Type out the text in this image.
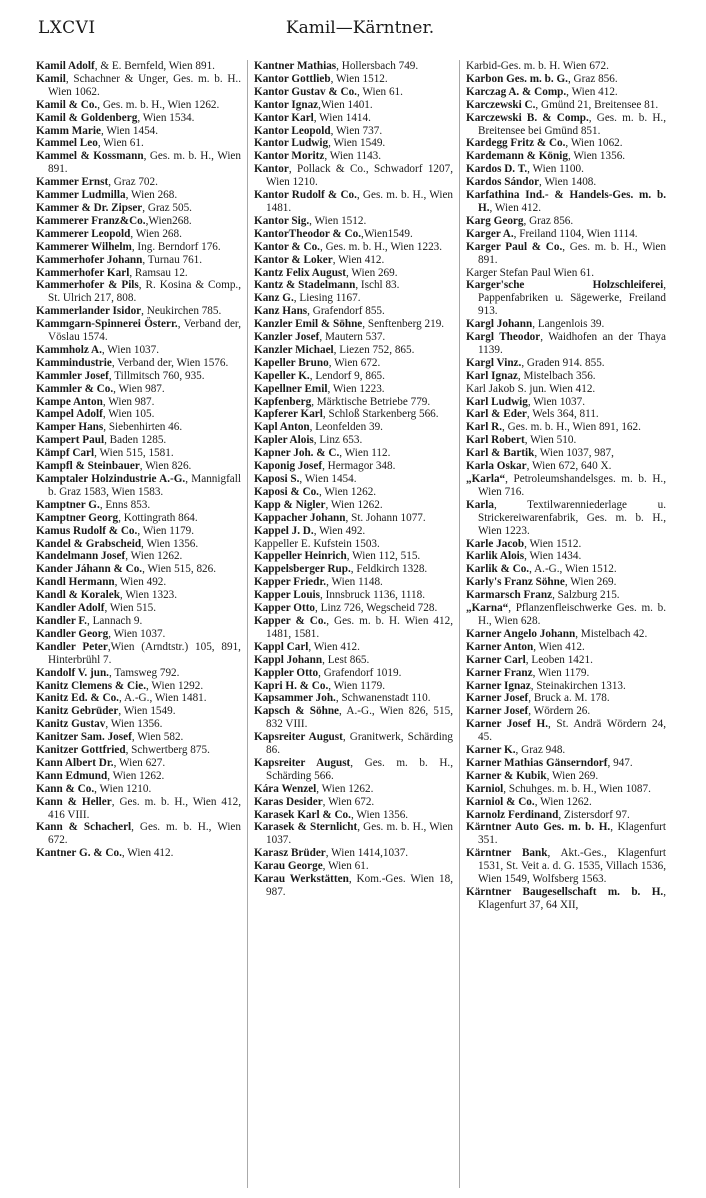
LXCVI	Kamil—Kärntner.

Kamil Adolf, & E. Bernfeld, Wien 891.

Kamil, Schachner & Unger, Ges. m. b. H.. Wien 1062.

Kamil & Co., Ges. m. b. H., Wien 1262.

Kamil & Goldenberg, Wien 1534.

Kamm Marie, Wien 1454.

Kammel Leo, Wien 61.

Kammel & Kossmann, Ges. m. b. H., Wien 891.

Kammer Ernst, Graz 702.

Kammer Ludmilla, Wien 268.

Kammer & Dr. Zipser, Graz 505.

Kammerer Franz&Co.,Wien268.

Kammerer Leopold, Wien 268.

Kammerer Wilhelm, Ing. Berndorf 176.

Kammerhofer Johann, Turnau 761.

Kammerhofer Karl, Ramsau 12.

Kammerhofer & Pils, R. Kosina & Comp., St. Ulrich 217, 808.

Kammerlander Isidor, Neukirchen 785.

Kammgarn-Spinnerei Österr., Verband der, Vöslau 1574.

Kammholz A., Wien 1037.

Kammindustrie, Verband der, Wien 1576.

Kammler Josef, Tillmitsch 760, 935.

Kammler & Co., Wien 987.

Kampe Anton, Wien 987.

Kampel Adolf, Wien 105.

Kamper Hans, Siebenhirten 46.

Kampert Paul, Baden 1285.

Kämpf Carl, Wien 515, 1581.

Kampfl & Steinbauer, Wien 826.

Kamptaler Holzindustrie A.-G., Mannigfall b. Graz 1583, Wien 1583.

Kamptner G., Enns 853.

Kamptner Georg, Kottingrath 864.

Kamus Rudolf & Co., Wien 1179.

Kandel & Grabscheid, Wien 1356.

Kandelmann Josef, Wien 1262.

Kander Jáhann & Co., Wien 515, 826.

Kandl Hermann, Wien 492.

Kandl & Koralek, Wien 1323.

Kandler Adolf, Wien 515.

Kandler F., Lannach 9.

Kandler Georg, Wien 1037.

Kandler Peter,Wien (Arndtstr.) 105, 891, Hinterbrühl 7.

Kandolf V. jun., Tamsweg 792.

Kanitz Clemens & Cie., Wien 1292.

Kanitz Ed. & Co., A.-G., Wien 1481.

Kanitz Gebrüder, Wien 1549.

Kanitz Gustav, Wien 1356.

Kanitzer Sam. Josef, Wien 582.

Kanitzer Gottfried, Schwertberg 875.

Kann Albert Dr., Wien 627.

Kann Edmund, Wien 1262.

Kann & Co., Wien 1210.

Kann & Heller, Ges. m. b. H., Wien 412, 416 VIII.

Kann & Schacherl, Ges. m. b. H., Wien 672.

Kantner G. & Co., Wien 412.

Kantner Mathias, Hollersbach 749.

Kantor Gottlieb, Wien 1512.

Kantor Gustav & Co., Wien 61.

Kantor Ignaz,Wien 1401.

Kantor Karl, Wien 1414.

Kantor Leopold, Wien 737.

Kantor Ludwig, Wien 1549.

Kantor Moritz, Wien 1143.

Kantor, Pollack & Co., Schwadorf 1207, Wien 1210.

Kantor Rudolf & Co., Ges. m. b. H., Wien 1481.

Kantor Sig., Wien 1512.

KantorTheodor & Co.,Wien1549.

Kantor & Co., Ges. m. b. H., Wien 1223.

Kantor & Loker, Wien 412.

Kantz Felix August, Wien 269.

Kantz & Stadelmann, Ischl 83.

Kanz G., Liesing 1167.

Kanz Hans, Grafendorf 855.

Kanzler Emil & Söhne, Senftenberg 219.

Kanzler Josef, Mautern 537.

Kanzler Michael, Liezen 752, 865.

Kapeller Bruno, Wien 672.

Kapeller K., Lendorf 9, 865.

Kapellner Emil, Wien 1223.

Kapfenberg, Märktische Betriebe 779.

Kapferer Karl, Schloß Starkenberg 566.

Kapl Anton, Leonfelden 39.

Kapler Alois, Linz 653.

Kapner Joh. & C., Wien 112.

Kaponig Josef, Hermagor 348.

Kaposi S., Wien 1454.

Kaposi & Co., Wien 1262.

Kapp & Nigler, Wien 1262.

Kappacher Johann, St. Johann 1077.

Kappel J. D., Wien 492.

Kappeller E. Kufstein 1503.

Kappeller Heinrich, Wien 112, 515.

Kappelsberger Rup., Feldkirch 1328.

Kapper Friedr., Wien 1148.

Kapper Louis, Innsbruck 1136, 1118.

Kapper Otto, Linz 726, Wegscheid 728.

Kapper & Co., Ges. m. b. H. Wien 412, 1481, 1581.

Kappl Carl, Wien 412.

Kappl Johann, Lest 865.

Kappler Otto, Grafendorf 1019.

Kapri H. & Co., Wien 1179.

Kapsammer Joh., Schwanenstadt 110.

Kapsch & Söhne, A.-G., Wien 826, 515, 832 VIII.

Kapsreiter August, Granitwerk, Schärding 86.

Kapsreiter August, Ges. m. b. H., Schärding 566.

Kára Wenzel, Wien 1262.

Karas Desider, Wien 672.

Karasek Karl & Co., Wien 1356.

Karasek & Sternlicht, Ges. m. b. H., Wien 1037.

Karasz Brüder, Wien 1414,1037.

Karau George, Wien 61.

Karau Werkstätten, Kom.-Ges. Wien 18, 987.

Karbid-Ges. m. b. H. Wien 672.

Karbon Ges. m. b. G., Graz 856.

Karczag A. & Comp., Wien 412.

Karczewski C., Gmünd 21, Breitensee 81.

Karczewski B. & Comp., Ges. m. b. H., Breitensee bei Gmünd 851.

Kardegg Fritz & Co., Wien 1062.

Kardemann & König, Wien 1356.

Kardos D. T., Wien 1100.

Kardos Sándor, Wien 1408.

Karfathina Ind.- & Handels-Ges. m. b. H., Wien 412.

Karg Georg, Graz 856.

Karger A., Freiland 1104, Wien 1114.

Karger Paul & Co., Ges. m. b. H., Wien 891.

Karger Stefan Paul Wien 61.

Karger'sche Holzschleiferei, Pappenfabriken u. Sägewerke, Freiland 913.

Kargl Johann, Langenlois 39.

Kargl Theodor, Waidhofen an der Thaya 1139.

Kargl Vinz., Graden 914. 855.

Karl Ignaz, Mistelbach 356.

Karl Jakob S. jun. Wien 412.

Karl Ludwig, Wien 1037.

Karl & Eder, Wels 364, 811.

Karl R., Ges. m. b. H., Wien 891, 162.

Karl Robert, Wien 510.

Karl & Bartik, Wien 1037, 987,

Karla Oskar, Wien 672, 640 X.

„Karla“, Petroleumshandelsges. m. b. H., Wien 716.

Karla, Textilwarenniederlage u. Strickereiwarenfabrik, Ges. m. b. H., Wien 1223.

Karle Jacob, Wien 1512.

Karlik Alois, Wien 1434.

Karlik & Co., A.-G., Wien 1512.

Karly's Franz Söhne, Wien 269.

Karmarsch Franz, Salzburg 215.

„Karna“, Pflanzenfleischwerke Ges. m. b. H., Wien 628.

Karner Angelo Johann, Mistelbach 42.

Karner Anton, Wien 412.

Karner Carl, Leoben 1421.

Karner Franz, Wien 1179.

Karner Ignaz, Steinakirchen 1313.

Karner Josef, Bruck a. M. 178.

Karner Josef, Wördern 26.

Karner Josef H., St. Andrä Wördern 24, 45.

Karner K., Graz 948.

Karner Mathias Gänserndorf, 947.

Karner & Kubik, Wien 269.

Karniol, Schuhges. m. b. H., Wien 1087.

Karniol & Co., Wien 1262.

Karnolz Ferdinand, Zistersdorf 97.

Kärntner Auto Ges. m. b. H., Klagenfurt 351.

Kärntner Bank, Akt.-Ges., Klagenfurt 1531, St. Veit a. d. G. 1535, Villach 1536, Wien 1549, Wolfsberg 1563.

Kärntner Baugesellschaft m. b. H., Klagenfurt 37, 64 XII,
